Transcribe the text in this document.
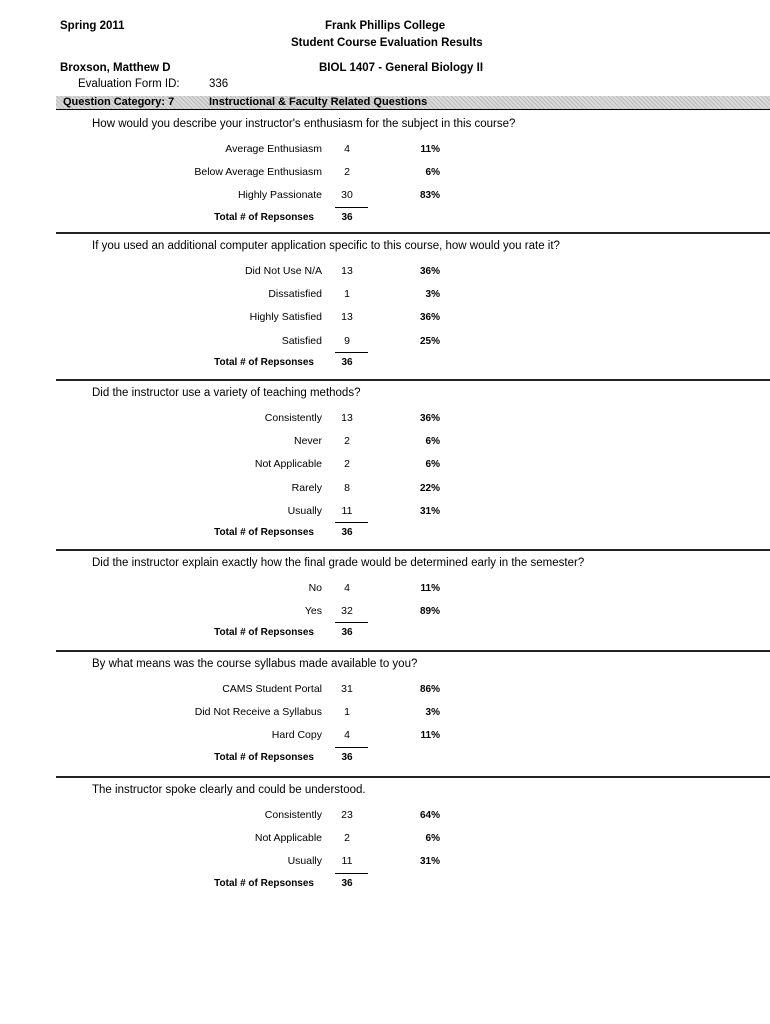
Spring 2011	Frank Phillips College
Student Course Evaluation Results
Broxson, Matthew D	BIOL 1407 - General Biology II
Evaluation Form ID:	336
Question Category: 7	Instructional & Faculty Related Questions
How would you describe your instructor's enthusiasm for the subject in this course?
Average Enthusiasm	4	11%
Below Average Enthusiasm	2	6%
Highly Passionate	30	83%
Total # of Repsonses	36
If you used an additional computer application specific to this course, how would you rate it?
Did Not Use N/A	13	36%
Dissatisfied	1	3%
Highly Satisfied	13	36%
Satisfied	9	25%
Total # of Repsonses	36
Did the instructor use a variety of teaching methods?
Consistently	13	36%
Never	2	6%
Not Applicable	2	6%
Rarely	8	22%
Usually	11	31%
Total # of Repsonses	36
Did the instructor explain exactly how the final grade would be determined early in the semester?
No	4	11%
Yes	32	89%
Total # of Repsonses	36
By what means was the course syllabus made available to you?
CAMS Student Portal	31	86%
Did Not Receive a Syllabus	1	3%
Hard Copy	4	11%
Total # of Repsonses	36
The instructor spoke clearly and could be understood.
Consistently	23	64%
Not Applicable	2	6%
Usually	11	31%
Total # of Repsonses	36
